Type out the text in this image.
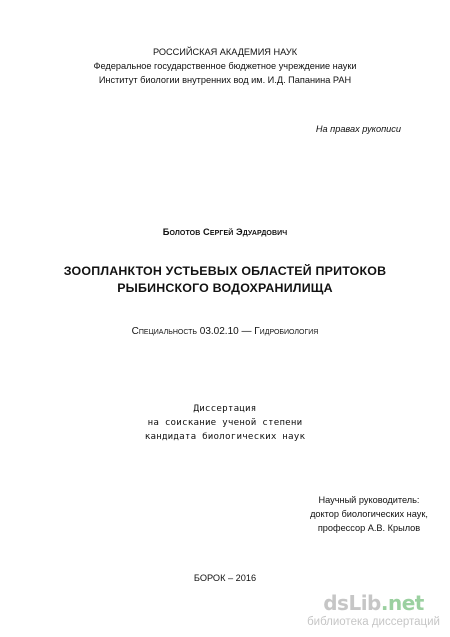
РОССИЙСКАЯ АКАДЕМИЯ НАУК
Федеральное государственное бюджетное учреждение науки
Институт биологии внутренних вод им. И.Д. Папанина РАН
На правах рукописи
Болотов Сергей Эдуардович
ЗООПЛАНКТОН УСТЬЕВЫХ ОБЛАСТЕЙ ПРИТОКОВ
РЫБИНСКОГО ВОДОХРАНИЛИЩА
Специальность 03.02.10 — Гидробиология
Диссертация
на соискание ученой степени
кандидата биологических наук
Научный руководитель:
доктор биологических наук,
профессор А.В. Крылов
БОРОК – 2016
dsLib.net
библиотека диссертаций
